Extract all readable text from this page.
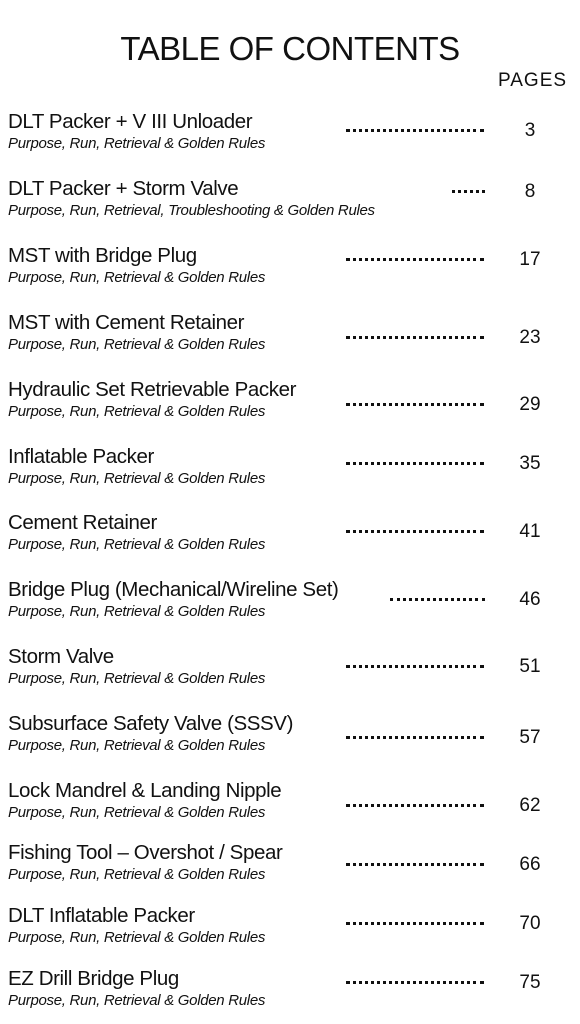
TABLE OF CONTENTS
PAGES
DLT Packer + V III Unloader
Purpose, Run, Retrieval & Golden Rules
3
DLT Packer + Storm Valve
Purpose, Run, Retrieval, Troubleshooting & Golden Rules
8
MST with Bridge Plug
Purpose, Run, Retrieval & Golden Rules
17
MST with Cement Retainer
Purpose, Run, Retrieval & Golden Rules	23
Hydraulic Set Retrievable Packer
Purpose, Run, Retrieval & Golden Rules	29
Inflatable Packer
Purpose, Run, Retrieval & Golden Rules
35
Cement Retainer
Purpose, Run, Retrieval & Golden Rules
41
Bridge Plug (Mechanical/Wireline Set)
Purpose, Run, Retrieval & Golden Rules
46
Storm Valve
Purpose, Run, Retrieval & Golden Rules
51
Subsurface Safety Valve (SSSV)
Purpose, Run, Retrieval & Golden Rules	57
Lock Mandrel & Landing Nipple
Purpose, Run, Retrieval & Golden Rules	62
Fishing Tool – Overshot / Spear
Purpose, Run, Retrieval & Golden Rules	66
DLT Inflatable Packer
Purpose, Run, Retrieval & Golden Rules
70
EZ Drill Bridge Plug
Purpose, Run, Retrieval & Golden Rules
75
